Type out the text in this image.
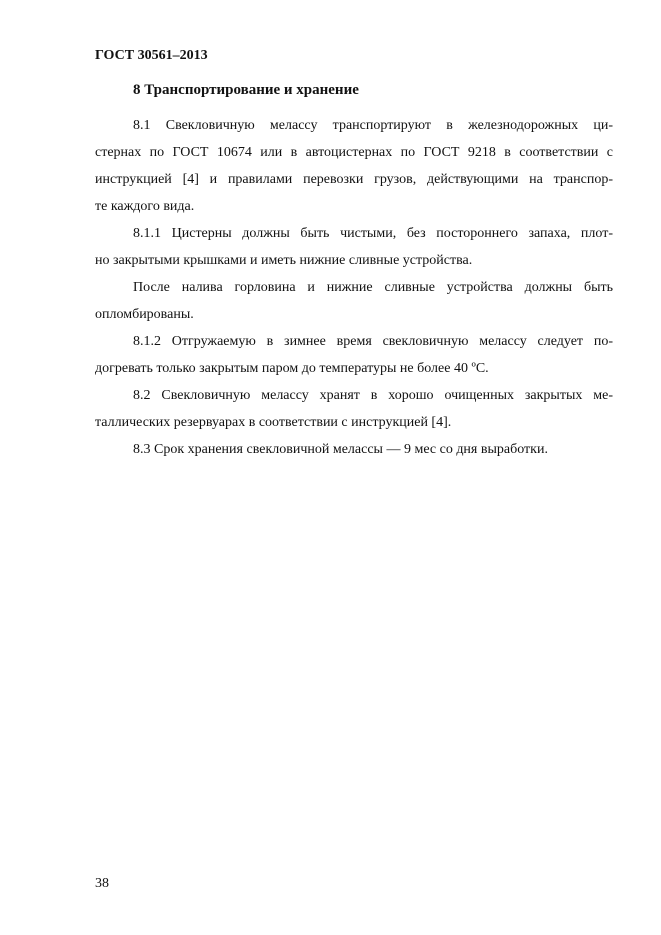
ГОСТ 30561–2013
8 Транспортирование и хранение
8.1 Свекловичную мелассу транспортируют в железнодорожных ци-
стернах по ГОСТ 10674 или в автоцистернах по ГОСТ 9218 в соответствии с
инструкцией [4] и правилами перевозки грузов, действующими на транспор-
те каждого вида.
8.1.1 Цистерны должны быть чистыми, без постороннего запаха, плот-
но закрытыми крышками и иметь нижние сливные устройства.
После налива горловина и нижние сливные устройства должны быть
опломбированы.
8.1.2 Отгружаемую в зимнее время свекловичную мелассу следует по-
догревать только закрытым паром до температуры не более 40 ºС.
8.2 Свекловичную мелассу хранят в хорошо очищенных закрытых ме-
таллических резервуарах в соответствии с инструкцией [4].
8.3 Срок хранения свекловичной мелассы — 9 мес со дня выработки.
38
